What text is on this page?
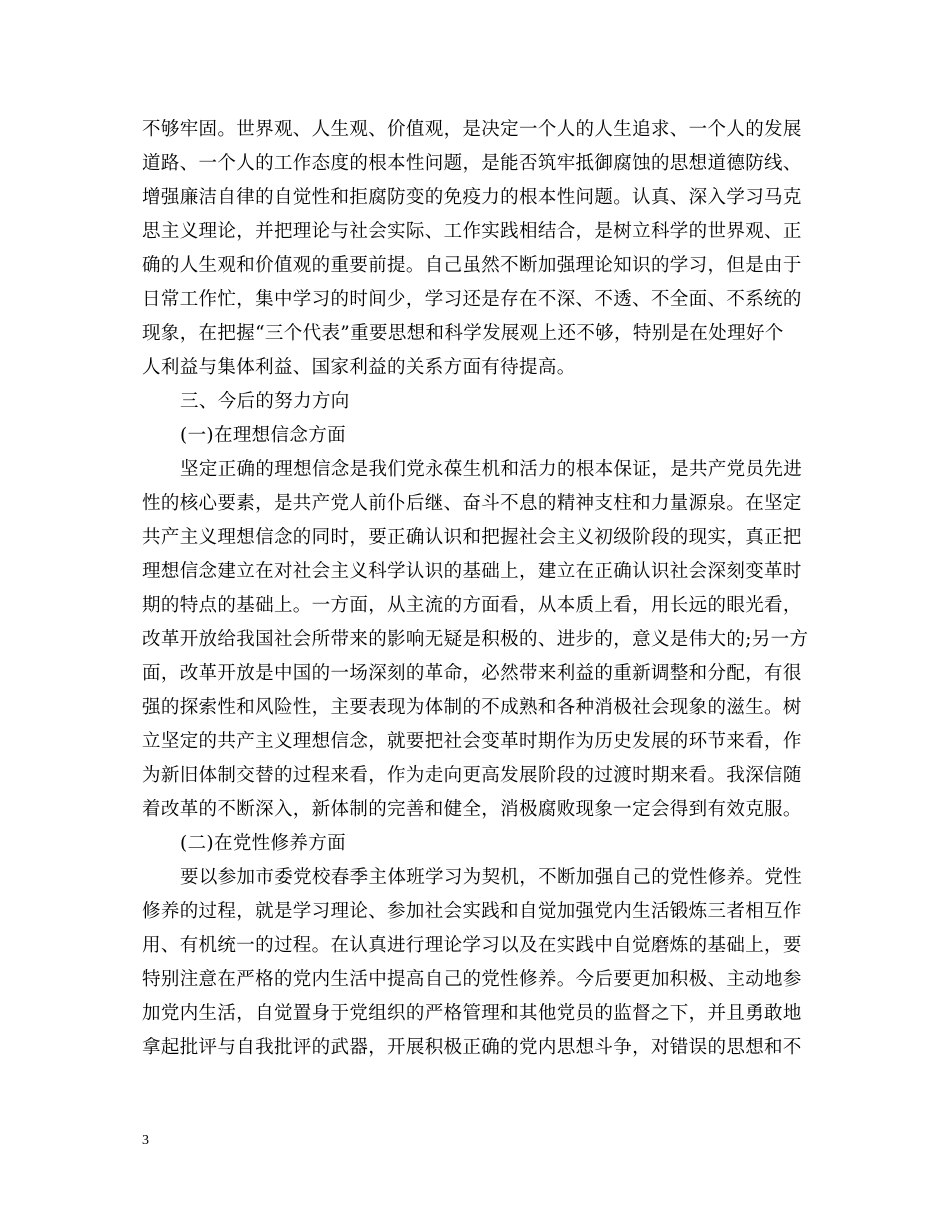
不够牢固。世界观、人生观、价值观，是决定一个人的人生追求、一个人的发展
道路、一个人的工作态度的根本性问题，是能否筑牢抵御腐蚀的思想道德防线、
增强廉洁自律的自觉性和拒腐防变的免疫力的根本性问题。认真、深入学习马克
思主义理论，并把理论与社会实际、工作实践相结合，是树立科学的世界观、正
确的人生观和价值观的重要前提。自己虽然不断加强理论知识的学习，但是由于
日常工作忙，集中学习的时间少，学习还是存在不深、不透、不全面、不系统的
现象，在把握“三个代表”重要思想和科学发展观上还不够，特别是在处理好个
人利益与集体利益、国家利益的关系方面有待提高。
三、今后的努力方向
(一)在理想信念方面
坚定正确的理想信念是我们党永葆生机和活力的根本保证，是共产党员先进
性的核心要素，是共产党人前仆后继、奋斗不息的精神支柱和力量源泉。在坚定
共产主义理想信念的同时，要正确认识和把握社会主义初级阶段的现实，真正把
理想信念建立在对社会主义科学认识的基础上，建立在正确认识社会深刻变革时
期的特点的基础上。一方面，从主流的方面看，从本质上看，用长远的眼光看，
改革开放给我国社会所带来的影响无疑是积极的、进步的，意义是伟大的;另一方
面，改革开放是中国的一场深刻的革命，必然带来利益的重新调整和分配，有很
强的探索性和风险性，主要表现为体制的不成熟和各种消极社会现象的滋生。树
立坚定的共产主义理想信念，就要把社会变革时期作为历史发展的环节来看，作
为新旧体制交替的过程来看，作为走向更高发展阶段的过渡时期来看。我深信随
着改革的不断深入，新体制的完善和健全，消极腐败现象一定会得到有效克服。
(二)在党性修养方面
要以参加市委党校春季主体班学习为契机，不断加强自己的党性修养。党性
修养的过程，就是学习理论、参加社会实践和自觉加强党内生活锻炼三者相互作
用、有机统一的过程。在认真进行理论学习以及在实践中自觉磨炼的基础上，要
特别注意在严格的党内生活中提高自己的党性修养。今后要更加积极、主动地参
加党内生活，自觉置身于党组织的严格管理和其他党员的监督之下，并且勇敢地
拿起批评与自我批评的武器，开展积极正确的党内思想斗争，对错误的思想和不
3
